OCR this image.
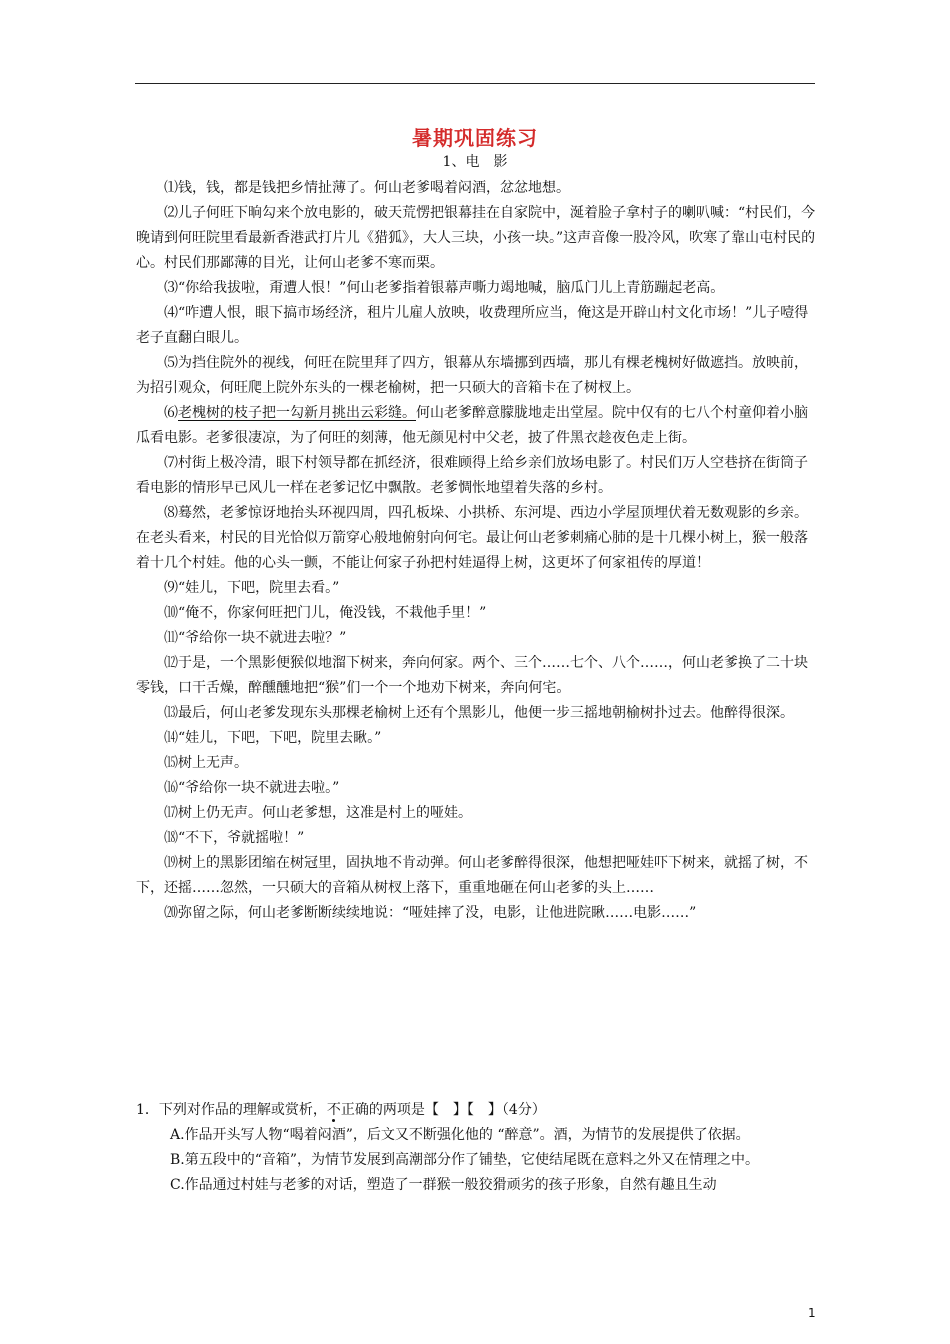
暑期巩固练习
1、电　影

⑴钱，钱，都是钱把乡情扯薄了。何山老爹喝着闷酒，忿忿地想。

⑵儿子何旺下晌勾来个放电影的，破天荒愣把银幕挂在自家院中，涎着脸子拿村子的喇叭喊：“村民们，今晚请到何旺院里看最新香港武打片儿《猎狐》，大人三块，小孩一块。”这声音像一股冷风，吹寒了靠山屯村民的心。村民们那鄙薄的目光，让何山老爹不寒而栗。

⑶“你给我拔啦，甭遭人恨！”何山老爹指着银幕声嘶力竭地喊，脑瓜门儿上青筋蹦起老高。

⑷“咋遭人恨，眼下搞市场经济，租片儿雇人放映，收费理所应当，俺这是开辟山村文化市场！”儿子噎得老子直翻白眼儿。

⑸为挡住院外的视线，何旺在院里拜了四方，银幕从东墙挪到西墙，那儿有棵老槐树好做遮挡。放映前，为招引观众，何旺爬上院外东头的一棵老榆树，把一只硕大的音箱卡在了树杈上。

⑹老槐树的枝子把一勾新月挑出云彩缝。何山老爹醉意朦胧地走出堂屋。院中仅有的七八个村童仰着小脑瓜看电影。老爹很凄凉，为了何旺的刻薄，他无颜见村中父老，披了件黑衣趁夜色走上街。

⑺村街上极冷清，眼下村领导都在抓经济，很难顾得上给乡亲们放场电影了。村民们万人空巷挤在街筒子看电影的情形早已风儿一样在老爹记忆中飘散。老爹惆怅地望着失落的乡村。

⑻蓦然，老爹惊讶地抬头环视四周，四孔板垛、小拱桥、东河堤、西边小学屋顶埋伏着无数观影的乡亲。在老头看来，村民的目光恰似万箭穿心般地俯射向何宅。最让何山老爹刺痛心肺的是十几棵小树上，猴一般落着十几个村娃。他的心头一颤，不能让何家子孙把村娃逼得上树，这更坏了何家祖传的厚道！

⑼“娃儿，下吧，院里去看。”

⑽“俺不，你家何旺把门儿，俺没钱，不栽他手里！”

⑾“爷给你一块不就进去啦？”

⑿于是，一个黑影便猴似地溜下树来，奔向何家。两个、三个……七个、八个……，何山老爹换了二十块零钱，口干舌燥，醉醺醺地把“猴”们一个一个地劝下树来，奔向何宅。

⒀最后，何山老爹发现东头那棵老榆树上还有个黑影儿，他便一步三摇地朝榆树扑过去。他醉得很深。

⒁“娃儿，下吧，下吧，院里去瞅。”

⒂树上无声。

⒃“爷给你一块不就进去啦。”

⒄树上仍无声。何山老爹想，这准是村上的哑娃。

⒅“不下，爷就摇啦！”

⒆树上的黑影团缩在树冠里，固执地不肯动弹。何山老爹醉得很深，他想把哑娃吓下树来，就摇了树，不下，还摇……忽然，一只硕大的音箱从树杈上落下，重重地砸在何山老爹的头上……

⒇弥留之际，何山老爹断断续续地说：“哑娃摔了没，电影，让他进院瞅……电影……”

1．下列对作品的理解或赏析，不正确的两项是【　】【　】（4分）

A.作品开头写人物“喝着闷酒”，后文又不断强化他的 “醉意”。酒，为情节的发展提供了依据。

B.第五段中的“音箱”，为情节发展到高潮部分作了铺垫，它使结尾既在意料之外又在情理之中。

C.作品通过村娃与老爹的对话，塑造了一群猴一般狡猾顽劣的孩子形象，自然有趣且生动

1
